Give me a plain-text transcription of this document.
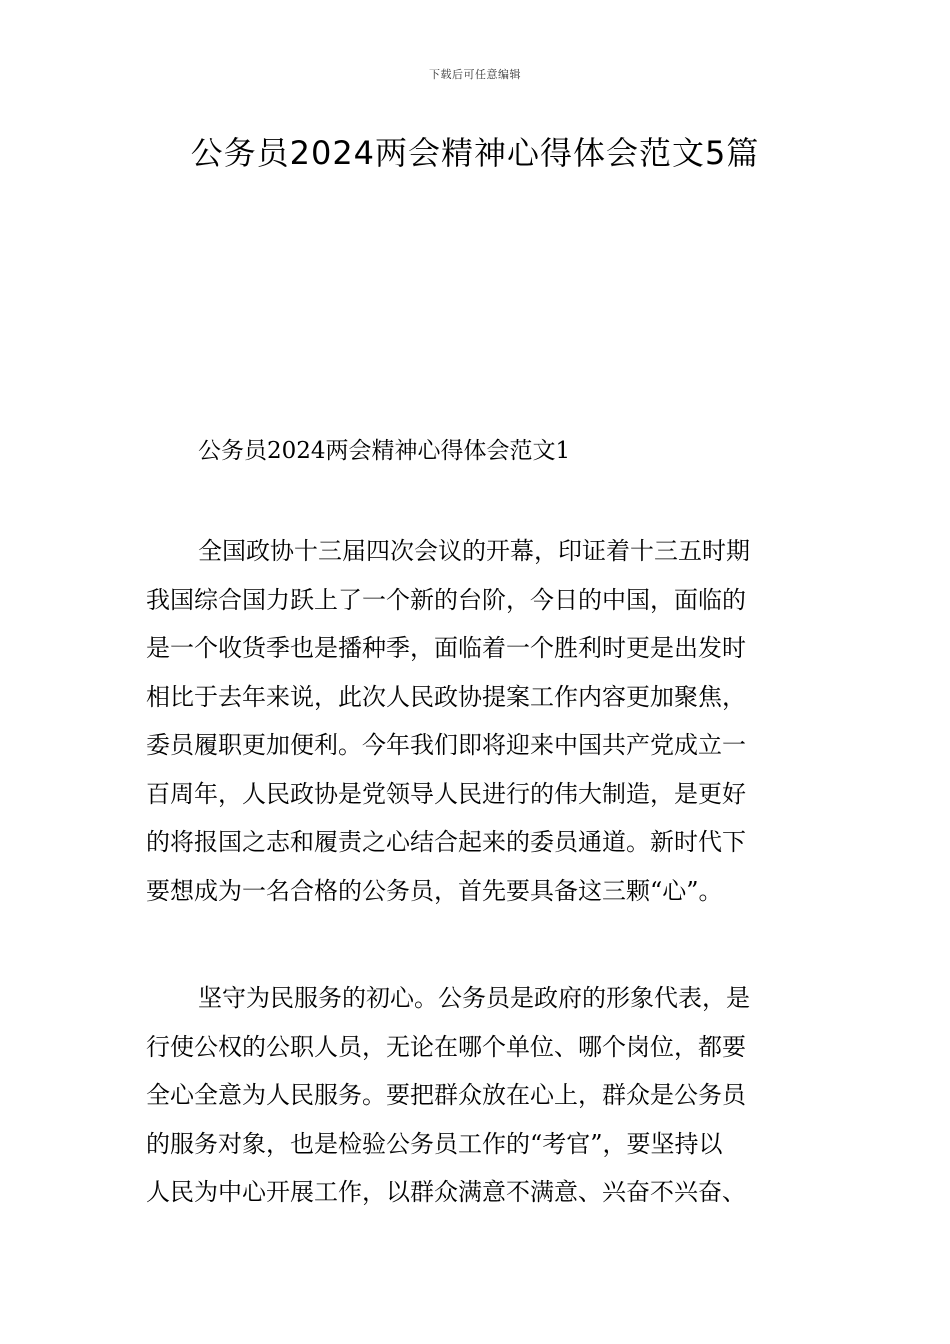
下载后可任意编辑
公务员2024两会精神心得体会范文5篇
公务员2024两会精神心得体会范文1
全国政协十三届四次会议的开幕，印证着十三五时期
我国综合国力跃上了一个新的台阶，今日的中国，面临的
是一个收货季也是播种季，面临着一个胜利时更是出发时
相比于去年来说，此次人民政协提案工作内容更加聚焦，
委员履职更加便利。今年我们即将迎来中国共产党成立一
百周年，人民政协是党领导人民进行的伟大制造，是更好
的将报国之志和履责之心结合起来的委员通道。新时代下
要想成为一名合格的公务员，首先要具备这三颗“心”。
坚守为民服务的初心。公务员是政府的形象代表，是
行使公权的公职人员，无论在哪个单位、哪个岗位，都要
全心全意为人民服务。要把群众放在心上，群众是公务员
的服务对象，也是检验公务员工作的“考官”，要坚持以
人民为中心开展工作，以群众满意不满意、兴奋不兴奋、
